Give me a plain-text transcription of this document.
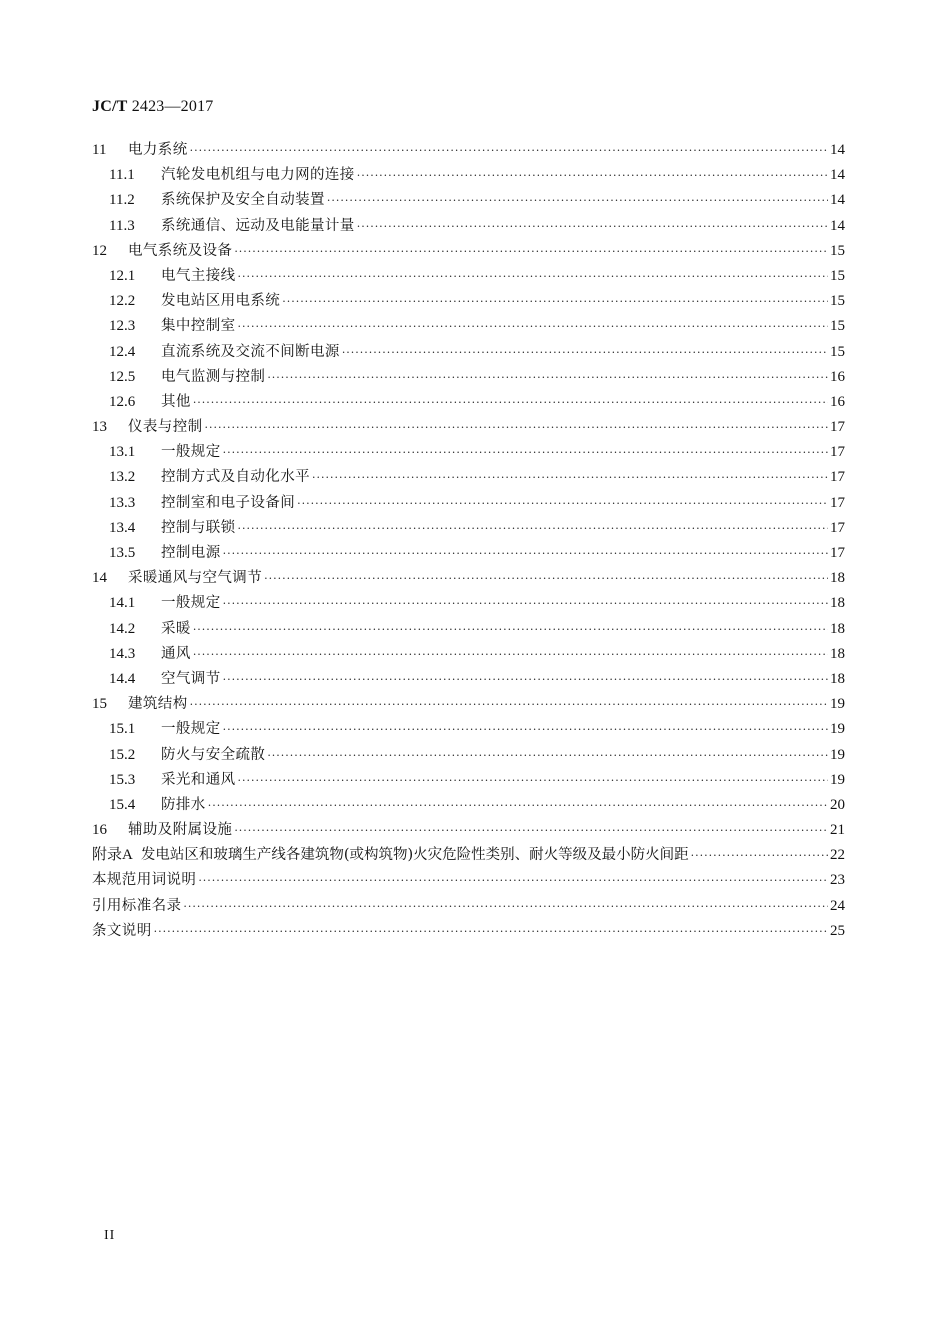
JC/T 2423—2017
11	电力系统 ·····	14
11.1	汽轮发电机组与电力网的连接 ·····	14
11.2	系统保护及安全自动装置 ·····	14
11.3	系统通信、远动及电能量计量 ·····	14
12	电气系统及设备 ·····	15
12.1	电气主接线 ·····	15
12.2	发电站区用电系统 ·····	15
12.3	集中控制室 ·····	15
12.4	直流系统及交流不间断电源 ·····	15
12.5	电气监测与控制 ·····	16
12.6	其他 ·····	16
13	仪表与控制 ·····	17
13.1	一般规定 ·····	17
13.2	控制方式及自动化水平 ·····	17
13.3	控制室和电子设备间 ·····	17
13.4	控制与联锁 ·····	17
13.5	控制电源 ·····	17
14	采暖通风与空气调节 ·····	18
14.1	一般规定 ·····	18
14.2	采暖 ·····	18
14.3	通风 ·····	18
14.4	空气调节 ·····	18
15	建筑结构 ·····	19
15.1	一般规定 ·····	19
15.2	防火与安全疏散 ·····	19
15.3	采光和通风 ·····	19
15.4	防排水 ·····	20
16	辅助及附属设施 ·····	21
附录A 发电站区和玻璃生产线各建筑物(或构筑物)火灾危险性类别、耐火等级及最小防火间距 ·····	22
本规范用词说明 ·····	23
引用标准名录 ·····	24
条文说明 ·····	25
II
